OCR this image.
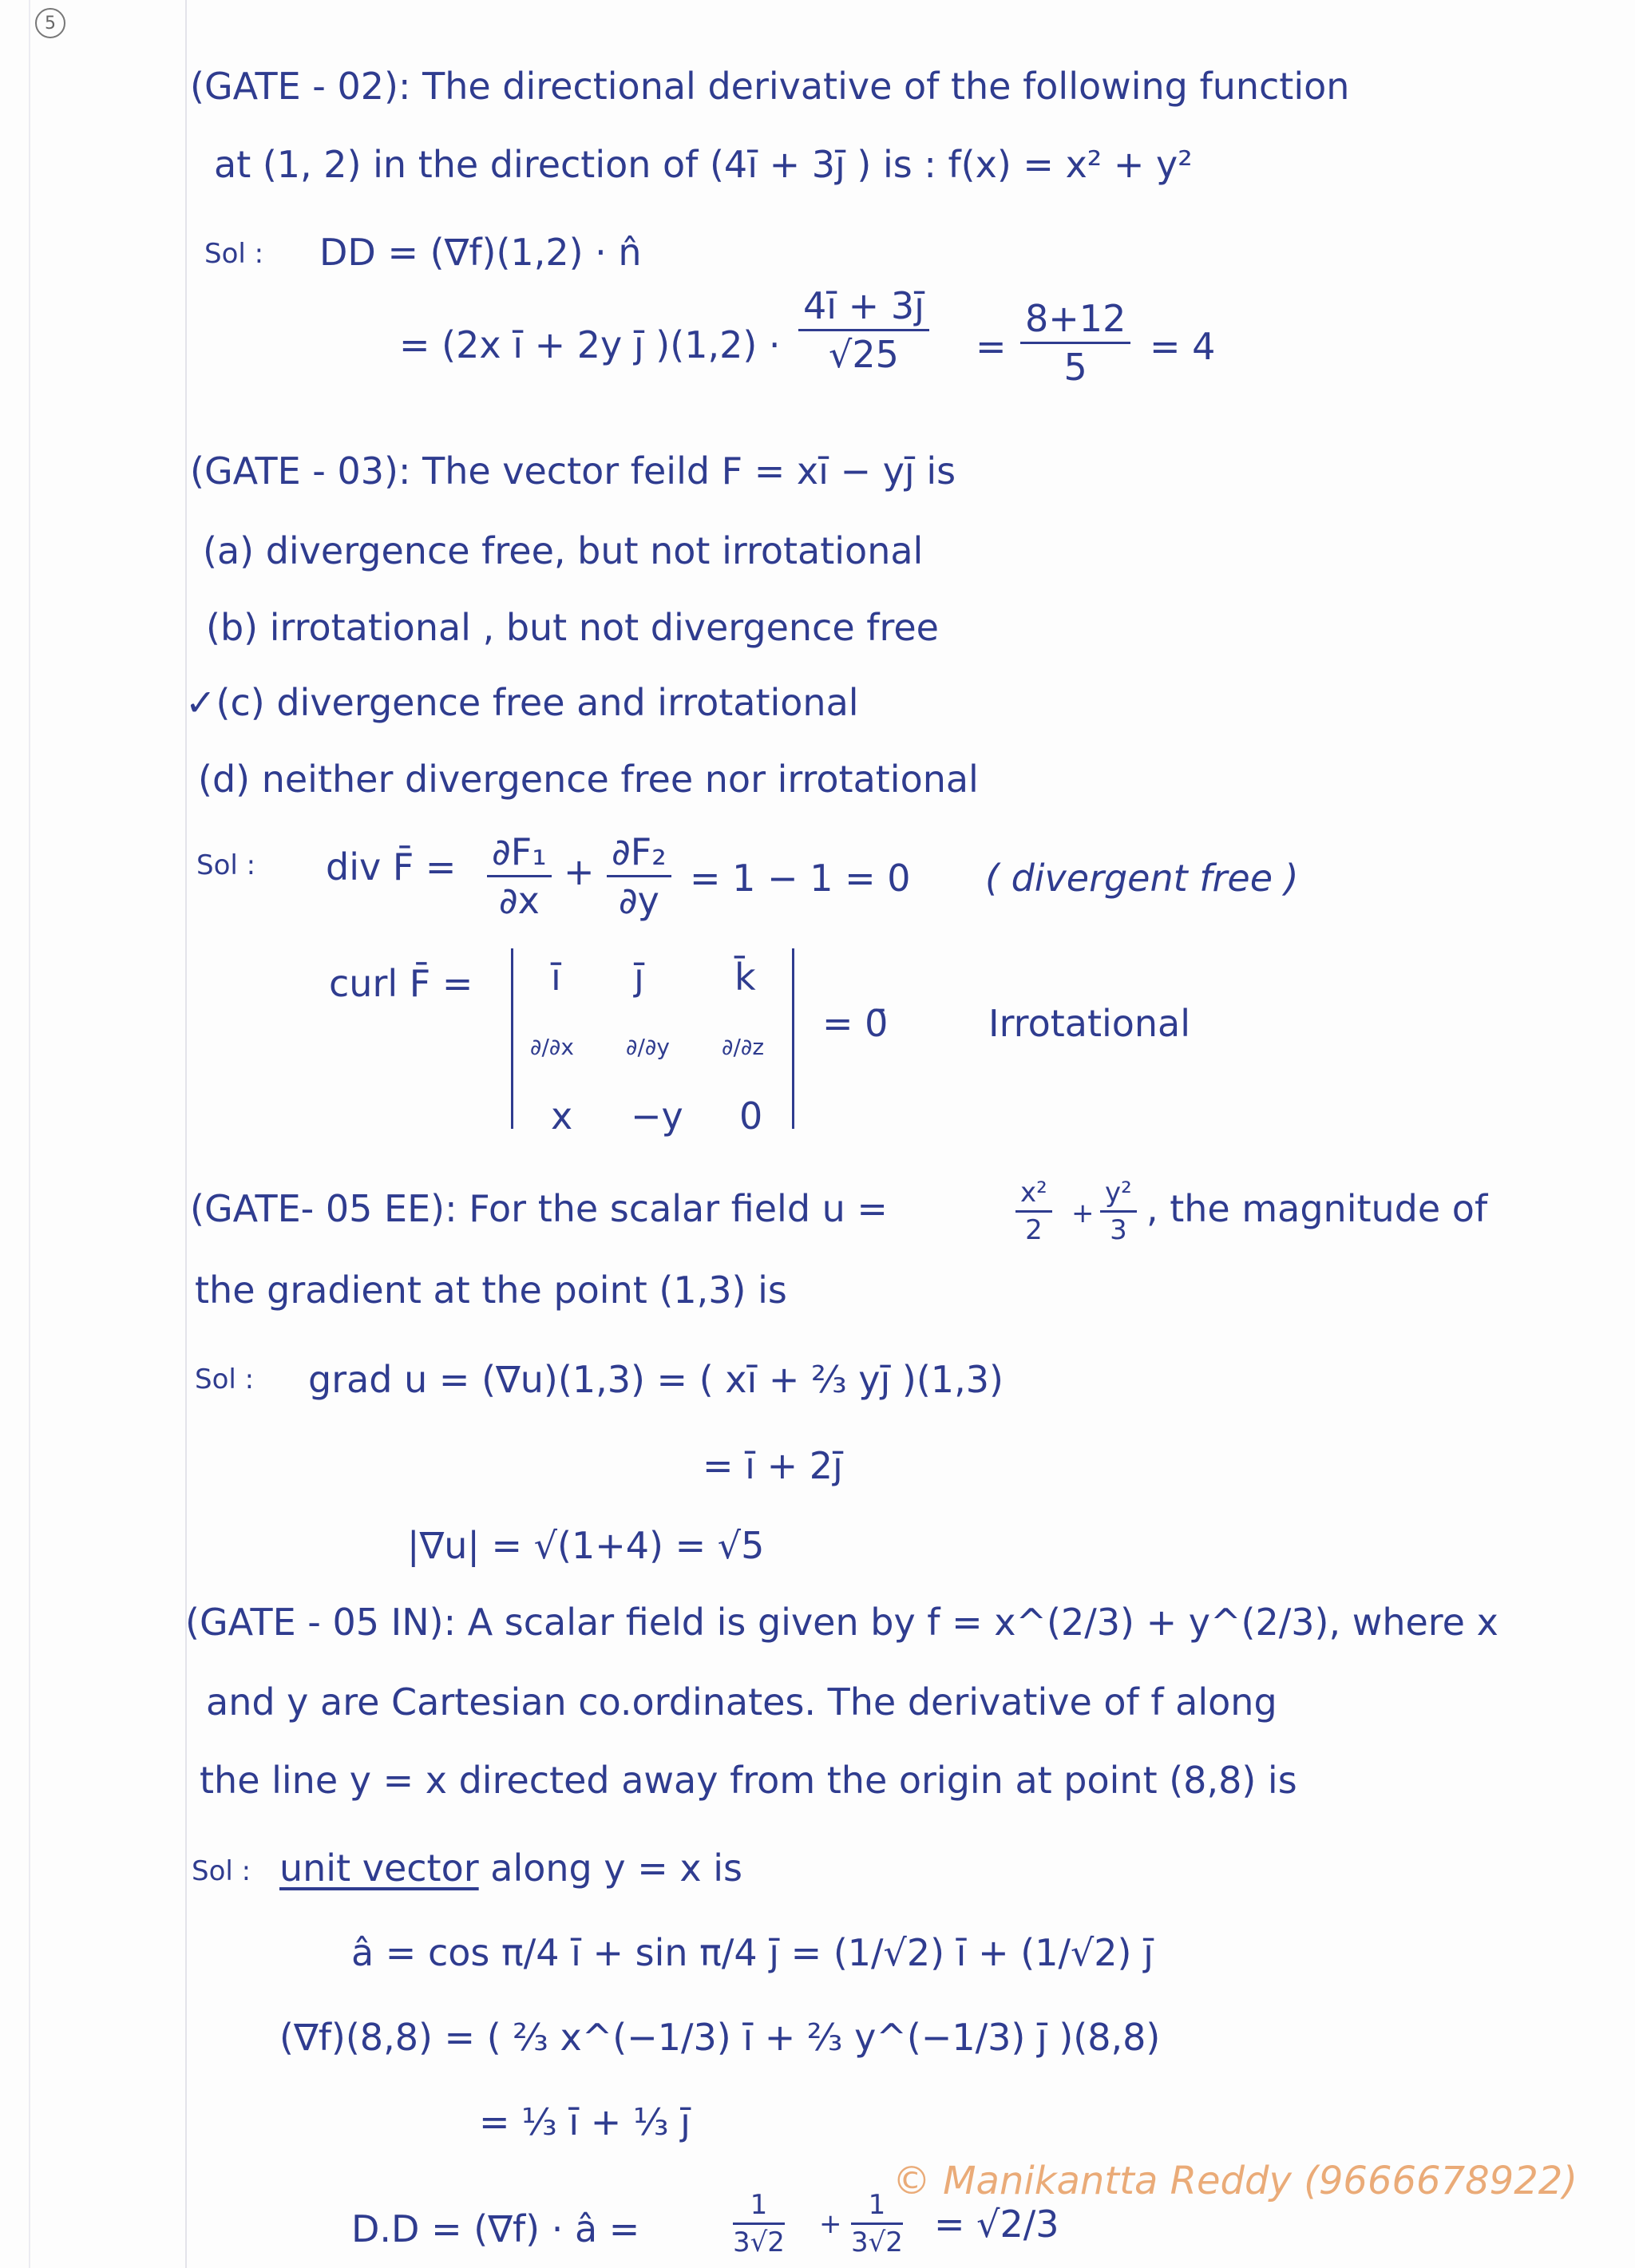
5
(GATE - 02): The directional derivative of the following function
at (1, 2) in the direction of (4ī + 3j̄ ) is : f(x) = x² + y²
Sol : DD = (∇f)(1,2) · n̂
= (2x ī + 2y j̄ )$(1,2) \cdot \frac{4ī + 3j̄}{√25} = \frac{8+12}{5} = 4$
(GATE - 03): The vector feild F = xī − yj̄ is
(a) divergence free, but not irrotational
(b) irrotational , but not divergence free
✓(c) divergence free and irrotational
(d) neither divergence free nor irrotational
Sol : div F̄ = $\frac{\text{∂F₁}}{\partial x} + \frac{\text{∂F₂}}{\partial y} = 1 - 1 = 0$ ( divergent free )
curl F̄ = ī j̄ k̄
∂/∂x ∂/∂y ∂/∂z
x −y 0
= 0̄	Irrotational
(GATE- 05 EE): For the scalar field u =	$\frac{\text{x²}}{2} + \frac{\text{y²}}{3}$ , the magnitude of
the gradient at the point (1,3) is
Sol : grad u = (∇u)(1,3) = ( xī + ⅔ yj̄ )(1,3)
= ī + 2j̄
|∇u| = √(1+4) = √5
(GATE - 05 IN): A scalar field is given by f = x^(2/3) + y^(2/3), where x
and y are Cartesian co.ordinates. The derivative of f along
the line y = x directed away from the origin at point (8,8) is
Sol : unit vector along y = x is
â = cos π/4 ī + sin π/4 j̄ = (1/√2) ī + (1/√2) j̄
(∇f)(8,8) = ( ⅔ x^(−1/3) ī + ⅔ y^(−1/3) j̄ )(8,8)
= ⅓ ī + ⅓ j̄
D.D = (∇f) · â =	$\frac{1}{3√2} + \frac{1}{3√2} = √2/3$
© Manikantta Reddy (9666678922)
